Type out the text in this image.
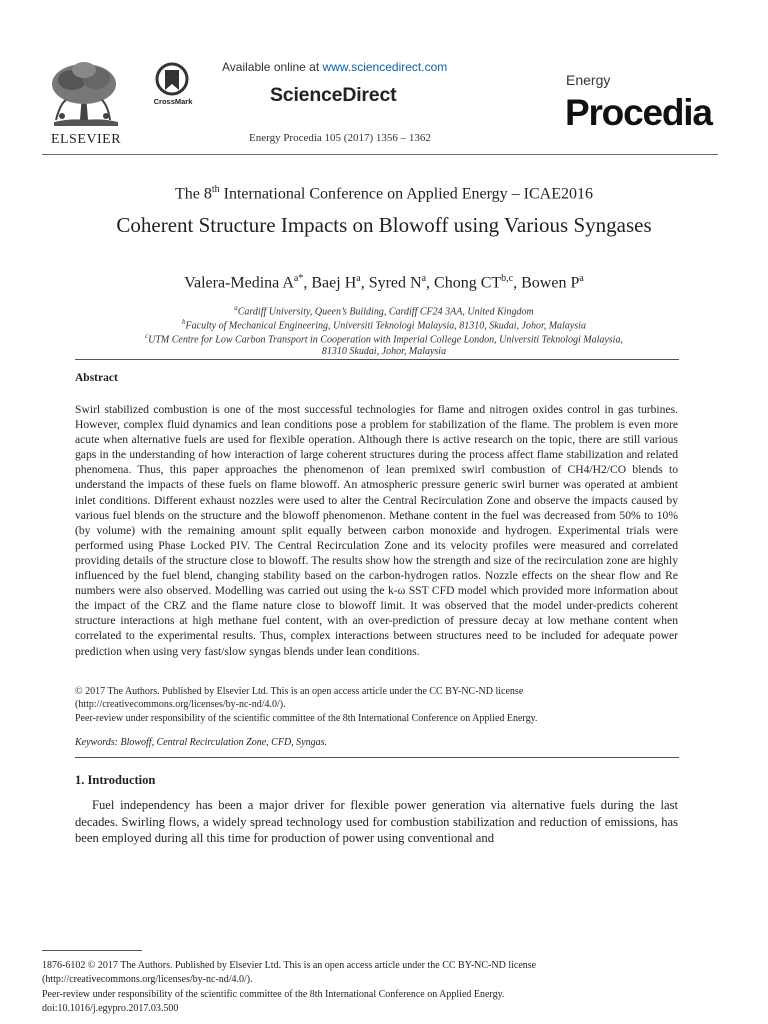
ELSEVIER
CrossMark
Available online at www.sciencedirect.com
ScienceDirect
Energy Procedia 105 (2017) 1356 – 1362
Energy
Procedia
The 8th International Conference on Applied Energy – ICAE2016
Coherent Structure Impacts on Blowoff using Various Syngases
Valera-Medina $A^{a*}$, Baej $H^a$, Syred $N^a$, Chong CT$^{b,c}$, Bowen $P^a$
$^a$Cardiff University, Queen’s Building, Cardiff CF24 3AA, United Kingdom
$^b$Faculty of Mechanical Engineering, Universiti Teknologi Malaysia, 81310, Skudai, Johor, Malaysia
$^c$UTM Centre for Low Carbon Transport in Cooperation with Imperial College London, Universiti Teknologi Malaysia,
81310 Skudai, Johor, Malaysia
Abstract
Swirl stabilized combustion is one of the most successful technologies for flame and nitrogen oxides control in gas turbines. However, complex fluid dynamics and lean conditions pose a problem for stabilization of the flame. The problem is even more acute when alternative fuels are used for flexible operation. Although there is active research on the topic, there are still various gaps in the understanding of how interaction of large coherent structures during the process affect flame stabilization and related phenomena. Thus, this paper approaches the phenomenon of lean premixed swirl combustion of CH4/H2/CO blends to understand the impacts of these fuels on flame blowoff. An atmospheric pressure generic swirl burner was operated at ambient inlet conditions. Different exhaust nozzles were used to alter the Central Recirculation Zone and observe the impacts caused by various fuel blends on the structure and the blowoff phenomenon. Methane content in the fuel was decreased from 50% to 10% (by volume) with the remaining amount split equally between carbon monoxide and hydrogen. Experimental trials were performed using Phase Locked PIV. The Central Recirculation Zone and its velocity profiles were measured and correlated providing details of the structure close to blowoff. The results show how the strength and size of the recirculation zone are highly influenced by the fuel blend, changing stability based on the carbon-hydrogen ratios. Nozzle effects on the shear flow and Re numbers were also observed. Modelling was carried out using the k-ω SST CFD model which provided more information about the impact of the CRZ and the flame nature close to blowoff limit. It was observed that the model under-predicts coherent structure interactions at high methane fuel content, with an over-prediction of pressure decay at low methane content when correlated to the experimental results. Thus, complex interactions between structures need to be included for adequate power prediction when using very fast/slow syngas blends under lean conditions.
© 2017 The Authors. Published by Elsevier Ltd. This is an open access article under the CC BY-NC-ND license (http://creativecommons.org/licenses/by-nc-nd/4.0/).
Peer-review under responsibility of the scientific committee of the 8th International Conference on Applied Energy.
Keywords: Blowoff, Central Recirculation Zone, CFD, Syngas.
1. Introduction
Fuel independency has been a major driver for flexible power generation via alternative fuels during the last decades. Swirling flows, a widely spread technology used for combustion stabilization and reduction of emissions, has been employed during all this time for production of power using conventional and
1876-6102 © 2017 The Authors. Published by Elsevier Ltd. This is an open access article under the CC BY-NC-ND license
(http://creativecommons.org/licenses/by-nc-nd/4.0/).
Peer-review under responsibility of the scientific committee of the 8th International Conference on Applied Energy.
doi:10.1016/j.egypro.2017.03.500
